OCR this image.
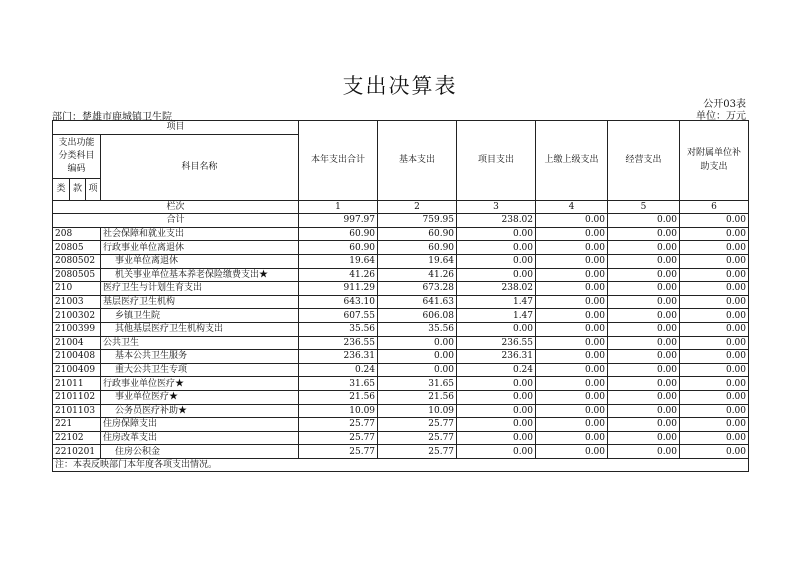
支出决算表
公开03表
部门：楚雄市鹿城镇卫生院	单位：万元
项目				本年支出合计	基本支出	项目支出	上缴上级支出	经营支出	对附属单位补助支出
支出功能分类科目编码			科目名称						
类	款	项							
栏次				1	2	3	4	5	6
合计				997.97	759.95	238.02	0.00	0.00	0.00
208			社会保障和就业支出	60.90	60.90	0.00	0.00	0.00	0.00
20805			行政事业单位离退休	60.90	60.90	0.00	0.00	0.00	0.00
2080502			事业单位离退休	19.64	19.64	0.00	0.00	0.00	0.00
2080505			机关事业单位基本养老保险缴费支出★	41.26	41.26	0.00	0.00	0.00	0.00
210			医疗卫生与计划生育支出	911.29	673.28	238.02	0.00	0.00	0.00
21003			基层医疗卫生机构	643.10	641.63	1.47	0.00	0.00	0.00
2100302			乡镇卫生院	607.55	606.08	1.47	0.00	0.00	0.00
2100399			其他基层医疗卫生机构支出	35.56	35.56	0.00	0.00	0.00	0.00
21004			公共卫生	236.55	0.00	236.55	0.00	0.00	0.00
2100408			基本公共卫生服务	236.31	0.00	236.31	0.00	0.00	0.00
2100409			重大公共卫生专项	0.24	0.00	0.24	0.00	0.00	0.00
21011			行政事业单位医疗★	31.65	31.65	0.00	0.00	0.00	0.00
2101102			事业单位医疗★	21.56	21.56	0.00	0.00	0.00	0.00
2101103			公务员医疗补助★	10.09	10.09	0.00	0.00	0.00	0.00
221			住房保障支出	25.77	25.77	0.00	0.00	0.00	0.00
22102			住房改革支出	25.77	25.77	0.00	0.00	0.00	0.00
2210201			住房公积金	25.77	25.77	0.00	0.00	0.00	0.00
注：本表反映部门本年度各项支出情况。									
